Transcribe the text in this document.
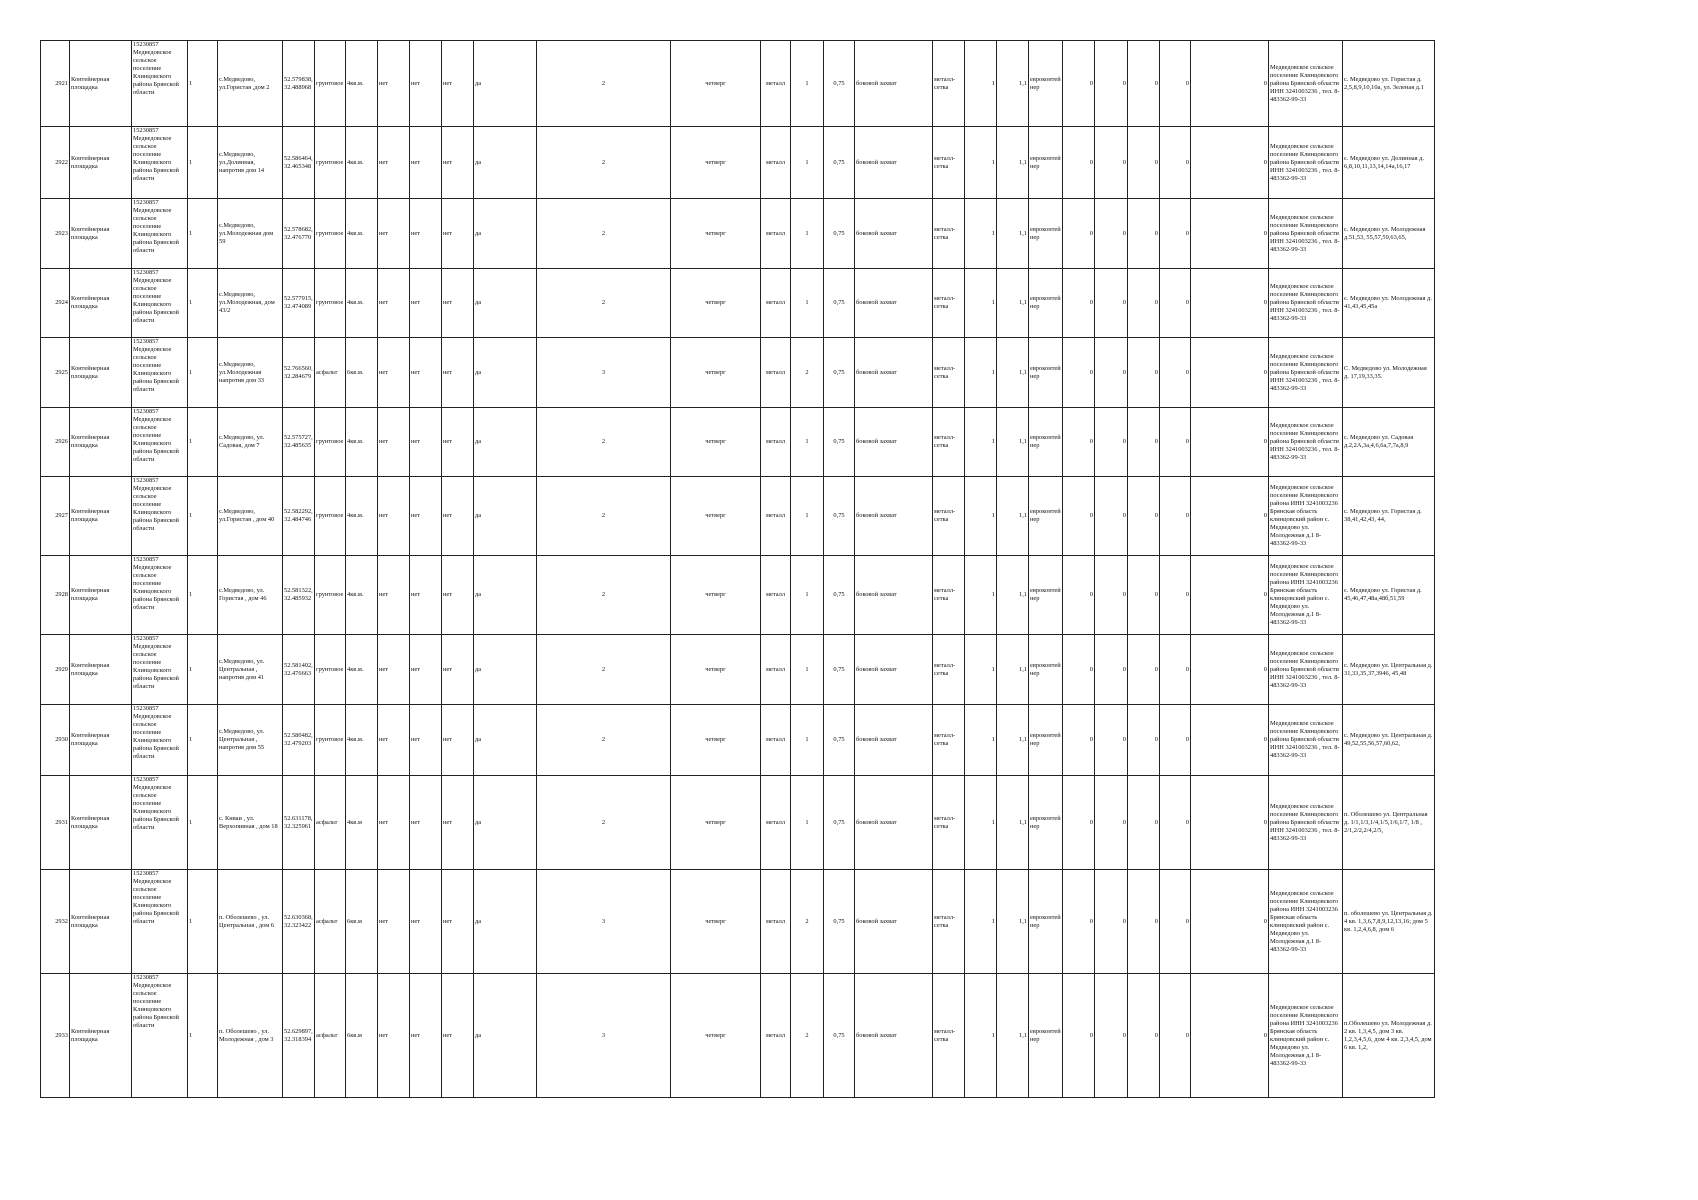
2921	Контейнерная площадка	15230857 Медведовское сельское поселение Клинцовского района Брянской области	1	с.Медведово, ул.Гористая ,дом 2	52.579838, 32.488968	грунтовое	4кв.м.	нет	нет	нет	да	2	четверг	металл	1	0,75	боковой захват	металл-сетка	1	1,1	евроконтейнер	0	0	0	0	0	Медведовское сельское поселение Клинцовского района Брянской области ИНН 3241003236 , тел. 8-483362-99-33	с. Медведово ул. Гористая д. 2,5,8,9,10,10а, ул. Зеленая д.1

2922	Контейнерная площадка	15230857 Медведовское сельское поселение Клинцовского района Брянской области	1	с.Медведово, ул.Долинная, напротив дом 14	52.586464, 32.465348	грунтовое	4кв.м.	нет	нет	нет	да	2	четверг	металл	1	0,75	боковой захват	металл-сетка	1	1,1	евроконтейнер	0	0	0	0	0	Медведовское сельское поселение Клинцовского района Брянской области ИНН 3241003236 , тел. 8-483362-99-33	с. Медведово ул. Долинная д. 6,8,10,11,13,14,14а,16,17

2923	Контейнерная площадка	15230857 Медведовское сельское поселение Клинцовского района Брянской области	1	с.Медведово, ул.Молодежная дом 59	52.578682, 32.476770	грунтовое	4кв.м.	нет	нет	нет	да	2	четверг	металл	1	0,75	боковой захват	металл-сетка	1	1,1	евроконтейнер	0	0	0	0	0	Медведовское сельское поселение Клинцовского района Брянской области ИНН 3241003236 , тел. 8-483362-99-33	с. Медведово ул. Молодежная д.51,53, 55,57,59,63,65,

2924	Контейнерная площадка	15230857 Медведовское сельское поселение Клинцовского района Брянской области	1	с.Медведово, ул.Молодежная, дом 43/2	52.577915, 32.474089	грунтовое	4кв.м.	нет	нет	нет	да	2	четверг	металл	1	0,75	боковой захват	металл-сетка	1	1,1	евроконтейнер	0	0	0	0	0	Медведовское сельское поселение Клинцовского района Брянской области ИНН 3241003236 , тел. 8-483362-99-33	с. Медведово ул. Молодежная д. 41,43,45,45а

2925	Контейнерная площадка	15230857 Медведовское сельское поселение Клинцовского района Брянской области	1	с.Медведово, ул.Молодежная напротив дом 33	52.766560,32.284679	асфальт	6кв.м.	нет	нет	нет	да	3	четверг	металл	2	0,75	боковой захват	металл-сетка	1	1,1	евроконтейнер	0	0	0	0	0	Медведовское сельское поселение Клинцовского района Брянской области ИНН 3241003236 , тел. 8-483362-99-33	С. Медведово ул. Молодежная д. 17,19,33,35.

2926	Контейнерная площадка	15230857 Медведовское сельское поселение Клинцовского района Брянской области	1	с.Медведово, ул. Садовая, дом 7	52.575727, 32.485635	грунтовое	4кв.м.	нет	нет	нет	да	2	четверг	металл	1	0,75	боковой захват	металл-сетка	1	1,1	евроконтейнер	0	0	0	0	0	Медведовское сельское поселение Клинцовского района Брянской области ИНН 3241003236 , тел. 8-483362-99-33	с. Медведово ул. Садовая д.2,2А,3а,4,6,6а,7,7а,8,9

2927	Контейнерная площадка	15230857 Медведовское сельское поселение Клинцовского района Брянской области	1	с.Медведово, ул.Гористая , дом 40	52.582292, 32.484746	грунтовое	4кв.м.	нет	нет	нет	да	2	четверг	металл	1	0,75	боковой захват	металл-сетка	1	1,1	евроконтейнер	0	0	0	0	0	Медведовское сельское поселение Клинцовского района ИНН 3241003236 Брянская область клинцовский район с. Медведово ул. Молодежная д.1 8-483362-99-33	с. Медведово ул. Гористая д. 38,41,42,43, 44,

2928	Контейнерная площадка	15230857 Медведовское сельское поселение Клинцовского района Брянской области	1	с.Медведово, ул. Гористая , дом 46	52.581322, 32.485932	грунтовое	4кв.м.	нет	нет	нет	да	2	четверг	металл	1	0,75	боковой захват	металл-сетка	1	1,1	евроконтейнер	0	0	0	0	0	Медведовское сельское поселение Клинцовского района ИНН 3241003236 Брянская область клинцовский район с. Медведово ул. Молодежная д.1 8-483362-99-33	с. Медведово ул. Гористая д. 45,46,47,48а,48б,51,59

2929	Контейнерная площадка	15230857 Медведовское сельское поселение Клинцовского района Брянской области	1	с.Медведово, ул. Центральная , напротив дом 41	52.581402, 32.476663	грунтовое	4кв.м.	нет	нет	нет	да	2	четверг	металл	1	0,75	боковой захват	металл-сетка	1	1,1	евроконтейнер	0	0	0	0	0	Медведовское сельское поселение Клинцовского района Брянской области ИНН 3241003236 , тел. 8-483362-99-33	с. Медведово ул. Центральная д. 31,33,35,37,3946, 45,48

2930	Контейнерная площадка	15230857 Медведовское сельское поселение Клинцовского района Брянской области	1	с.Медведово, ул. Центральная , напротив дом 55	52.580482, 32.479203	грунтовое	4кв.м.	нет	нет	нет	да	2	четверг	металл	1	0,75	боковой захват	металл-сетка	1	1,1	евроконтейнер	0	0	0	0	0	Медведовское сельское поселение Клинцовского района Брянской области ИНН 3241003236 , тел. 8-483362-99-33	с. Медведово ул. Центральная д. 49,52,55,56,57,60,62,

2931	Контейнерная площадка	15230857 Медведовское сельское поселение Клинцовского района Брянской области	1	с. Киваи , ул. Верхопивная , дом 18	52.631178, 32.325961	асфальт	4кв.м	нет	нет	нет	да	2	четверг	металл	1	0,75	боковой захват	металл-сетка	1	1,1	евроконтейнер	0	0	0	0	0	Медведовское сельское поселение Клинцовского района Брянской области ИНН 3241003236 , тел. 8-483362-99-33	п. Оболешево ул. Центральная д. 1/1,1/3,1/4,1/5,1/6,1/7, 1/8 , 2/1,2/2,2/4,2/5,

2932	Контейнерная площадка	15230857 Медведовское сельское поселение Клинцовского района Брянской области	1	п. Оболешево , ул. Центральная , дом 6	52.630368, 32.323422	асфальт	6кв.м	нет	нет	нет	да	3	четверг	металл	2	0,75	боковой захват	металл-сетка	1	1,1	евроконтейнер	0	0	0	0	0	Медведовское сельское поселение Клинцовского района ИНН 3241003236 Брянская область клинцовский район с. Медведово ул. Молодежная д.1 8-483362-99-33	п. оболешево ул. Центральная д. 4 кв. 1,3,6,7,8,9,12,13,16; дом 5 кв. 1,2,4,6,8, дом 6

2933	Контейнерная площадка	15230857 Медведовское сельское поселение Клинцовского района Брянской области	1	п. Оболешево , ул. Молодежная , дом 3	52.629897, 32.318394	асфальт	6кв.м	нет	нет	нет	да	3	четверг	металл	2	0,75	боковой захват	металл-сетка	1	1,1	евроконтейнер	0	0	0	0	0	Медведовское сельское поселение Клинцовского района ИНН 3241003236 Брянская область клинцовский район с. Медведово ул. Молодежная д.1 8-483362-99-33	п.Оболешево ул. Молодежная д. 2 кв. 1,3,4,5, дом 3 кв. 1,2,3,4,5,6, дом 4 кв. 2,3,4,5, дом 6 кв. 1,2,
